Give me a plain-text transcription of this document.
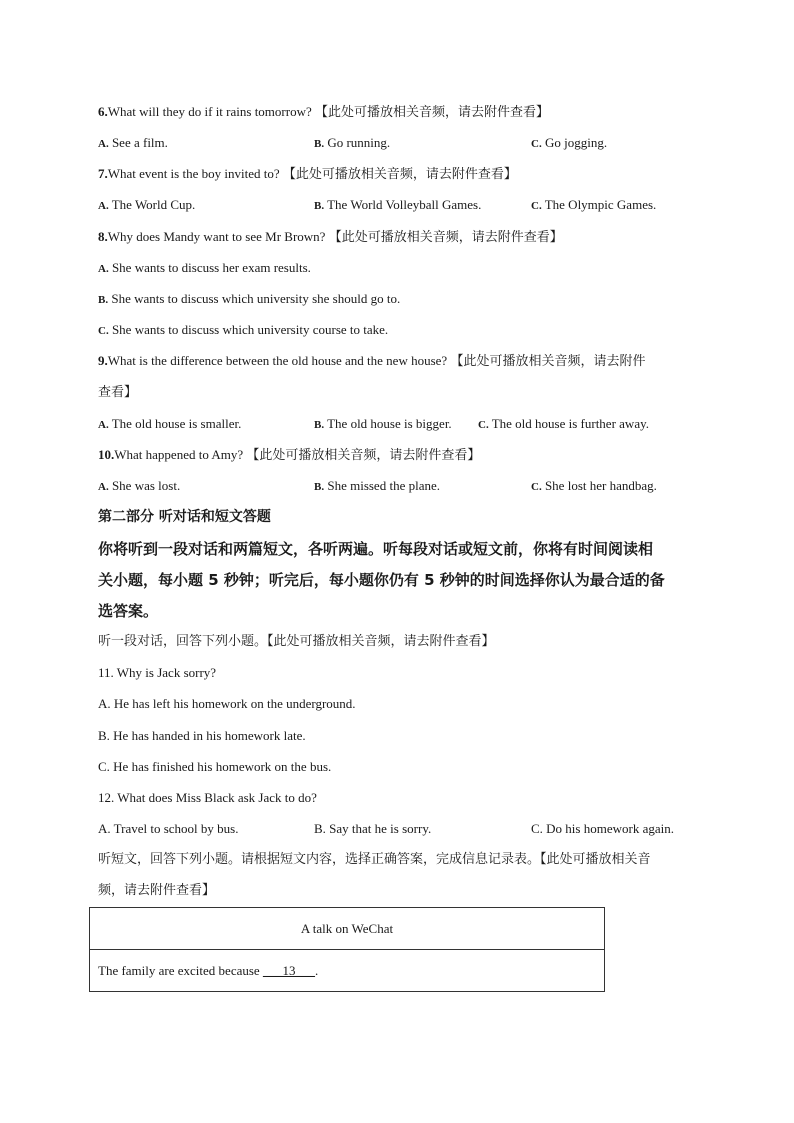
6.What will they do if it rains tomorrow? 【此处可播放相关音频，请去附件查看】
A. See a film.	B. Go running.	C. Go jogging.
7.What event is the boy invited to? 【此处可播放相关音频，请去附件查看】
A. The World Cup.	B. The World Volleyball Games.	C. The Olympic Games.
8.Why does Mandy want to see Mr Brown? 【此处可播放相关音频，请去附件查看】
A. She wants to discuss her exam results.
B. She wants to discuss which university she should go to.
C. She wants to discuss which university course to take.
9.What is the difference between the old house and the new house? 【此处可播放相关音频，请去附件
查看】
A. The old house is smaller.	B. The old house is bigger. C. The old house is further away.
10.What happened to Amy? 【此处可播放相关音频，请去附件查看】
A. She was lost.	B. She missed the plane.	C. She lost her handbag.
第二部分 听对话和短文答题
你将听到一段对话和两篇短文，各听两遍。听每段对话或短文前，你将有时间阅读相
关小题，每小题 5 秒钟；听完后，每小题你仍有 5 秒钟的时间选择你认为最合适的备
选答案。
听一段对话，回答下列小题。【此处可播放相关音频，请去附件查看】
11. Why is Jack sorry?
A. He has left his homework on the underground.
B. He has handed in his homework late.
C. He has finished his homework on the bus.
12. What does Miss Black ask Jack to do?
A. Travel to school by bus.	B. Say that he is sorry.	C. Do his homework again.
听短文，回答下列小题。请根据短文内容，选择正确答案，完成信息记录表。【此处可播放相关音
频，请去附件查看】
A talk on WeChat
The family are excited because
___13___ .
